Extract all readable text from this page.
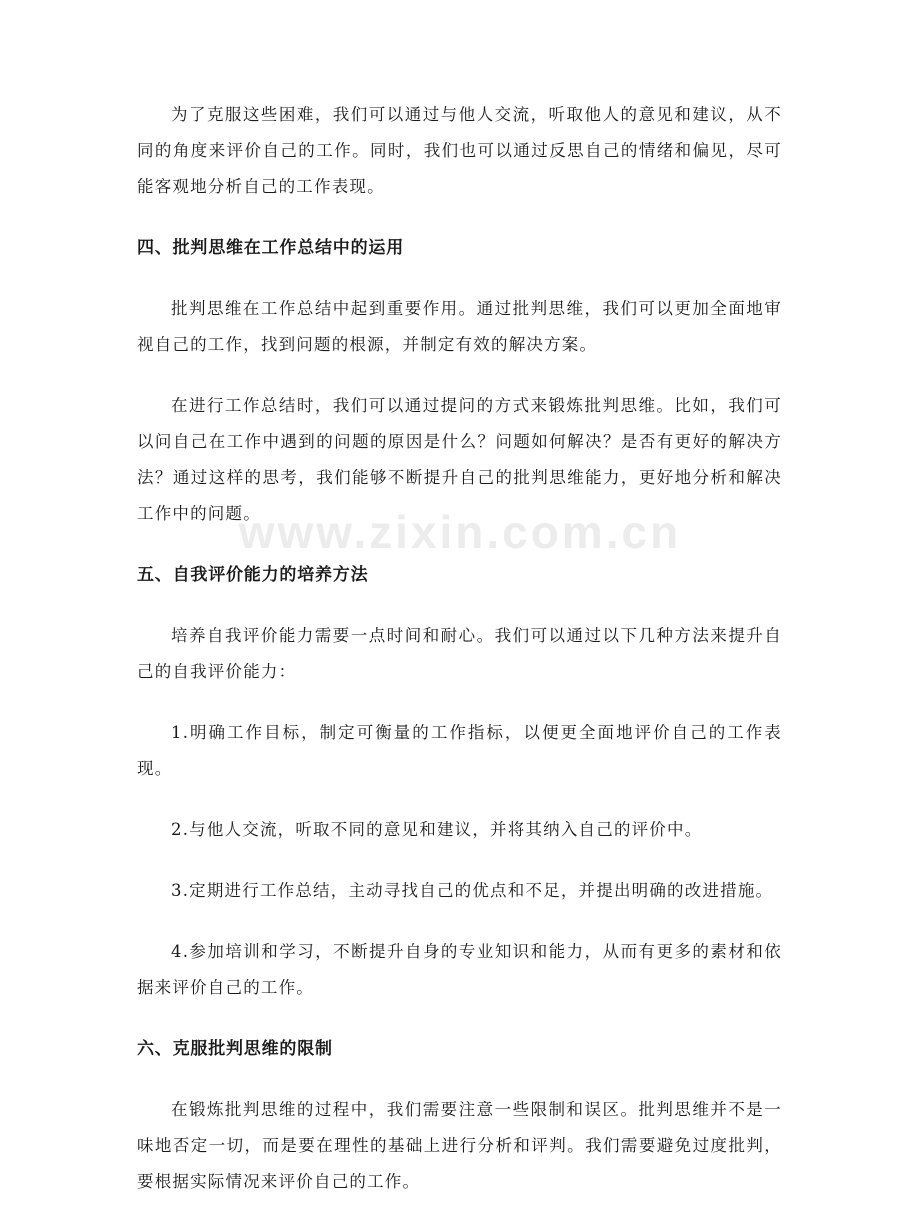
www.zixin.com.cn

为了克服这些困难，我们可以通过与他人交流，听取他人的意见和建议，从不同的角度来评价自己的工作。同时，我们也可以通过反思自己的情绪和偏见，尽可能客观地分析自己的工作表现。

四、批判思维在工作总结中的运用

批判思维在工作总结中起到重要作用。通过批判思维，我们可以更加全面地审视自己的工作，找到问题的根源，并制定有效的解决方案。

在进行工作总结时，我们可以通过提问的方式来锻炼批判思维。比如，我们可以问自己在工作中遇到的问题的原因是什么？问题如何解决？是否有更好的解决方法？通过这样的思考，我们能够不断提升自己的批判思维能力，更好地分析和解决工作中的问题。

五、自我评价能力的培养方法

培养自我评价能力需要一点时间和耐心。我们可以通过以下几种方法来提升自己的自我评价能力：

1.明确工作目标，制定可衡量的工作指标，以便更全面地评价自己的工作表现。

2.与他人交流，听取不同的意见和建议，并将其纳入自己的评价中。

3.定期进行工作总结，主动寻找自己的优点和不足，并提出明确的改进措施。

4.参加培训和学习，不断提升自身的专业知识和能力，从而有更多的素材和依据来评价自己的工作。

六、克服批判思维的限制

在锻炼批判思维的过程中，我们需要注意一些限制和误区。批判思维并不是一味地否定一切，而是要在理性的基础上进行分析和评判。我们需要避免过度批判，要根据实际情况来评价自己的工作。
